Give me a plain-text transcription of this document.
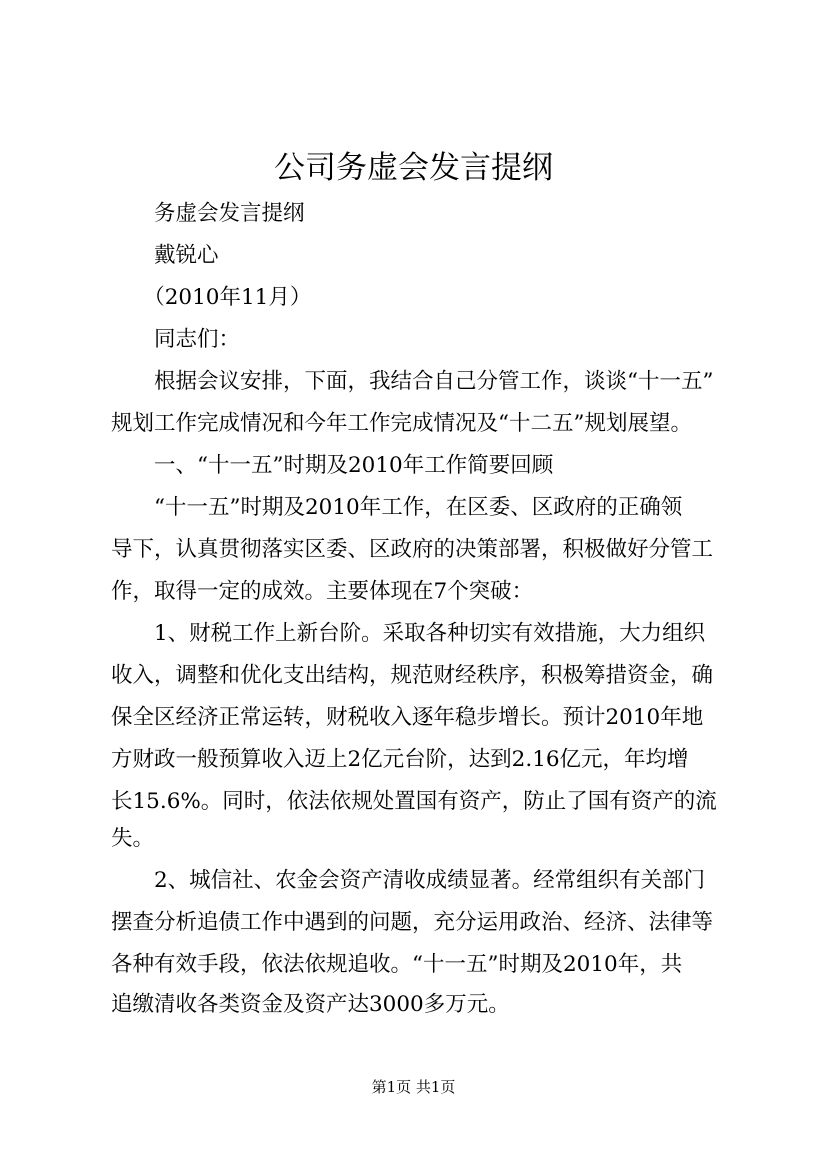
公司务虚会发言提纲
　　务虚会发言提纲
　　戴锐心
　　（2010年11月）
　　同志们：
　　根据会议安排，下面，我结合自己分管工作，谈谈“十一五”
规划工作完成情况和今年工作完成情况及“十二五”规划展望。
　　一、“十一五”时期及2010年工作简要回顾
　　“十一五”时期及2010年工作，在区委、区政府的正确领
导下，认真贯彻落实区委、区政府的决策部署，积极做好分管工
作，取得一定的成效。主要体现在7个突破：
　　1、财税工作上新台阶。采取各种切实有效措施，大力组织
收入，调整和优化支出结构，规范财经秩序，积极筹措资金，确
保全区经济正常运转，财税收入逐年稳步增长。预计2010年地
方财政一般预算收入迈上2亿元台阶，达到2.16亿元，年均增
长15.6%。同时，依法依规处置国有资产，防止了国有资产的流
失。
　　2、城信社、农金会资产清收成绩显著。经常组织有关部门
摆查分析追债工作中遇到的问题，充分运用政治、经济、法律等
各种有效手段，依法依规追收。“十一五”时期及2010年，共
追缴清收各类资金及资产达3000多万元。
第1页 共1页
